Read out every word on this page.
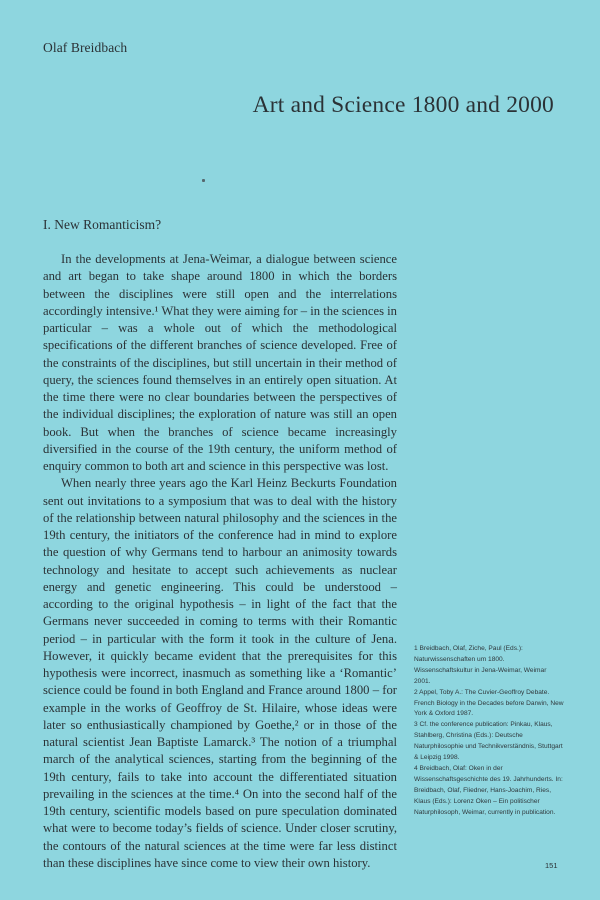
Olaf Breidbach
Art and Science 1800 and 2000
I. New Romanticism?

In the developments at Jena-Weimar, a dialogue between science and art began to take shape around 1800 in which the borders between the disciplines were still open and the interrelations accordingly intensive.¹ What they were aiming for – in the sciences in particular – was a whole out of which the methodological specifications of the different branches of science developed. Free of the constraints of the disciplines, but still uncertain in their method of query, the sciences found themselves in an entirely open situation. At the time there were no clear boundaries between the perspectives of the individual disciplines; the exploration of nature was still an open book. But when the branches of science became increasingly diversified in the course of the 19th century, the uniform method of enquiry common to both art and science in this perspective was lost.

When nearly three years ago the Karl Heinz Beckurts Foundation sent out invitations to a symposium that was to deal with the history of the relationship between natural philosophy and the sciences in the 19th century, the initiators of the conference had in mind to explore the question of why Germans tend to harbour an animosity towards technology and hesitate to accept such achievements as nuclear energy and genetic engineering. This could be understood – according to the original hypothesis – in light of the fact that the Germans never succeeded in coming to terms with their Romantic period – in particular with the form it took in the culture of Jena. However, it quickly became evident that the prerequisites for this hypothesis were incorrect, inasmuch as something like a ‘Romantic’ science could be found in both England and France around 1800 – for example in the works of Geoffroy de St. Hilaire, whose ideas were later so enthusiastically championed by Goethe,² or in those of the natural scientist Jean Baptiste Lamarck.³ The notion of a triumphal march of the analytical sciences, starting from the beginning of the 19th century, fails to take into account the differentiated situation prevailing in the sciences at the time.⁴ On into the second half of the 19th century, scientific models based on pure speculation dominated what were to become today’s fields of science. Under closer scrutiny, the contours of the natural sciences at the time were far less distinct than these disciplines have since come to view their own history.

1 Breidbach, Olaf, Ziche, Paul (Eds.): Naturwissenschaften um 1800. Wissenschaftskultur in Jena-Weimar, Weimar 2001.

2 Appel, Toby A.: The Cuvier-Geoffroy Debate. French Biology in the Decades before Darwin, New York & Oxford 1987.

3 Cf. the conference publication: Pinkau, Klaus, Stahlberg, Christina (Eds.): Deutsche Naturphilosophie und Technikverständnis, Stuttgart & Leipzig 1998.

4 Breidbach, Olaf: Oken in der Wissenschaftsgeschichte des 19. Jahrhunderts. In: Breidbach, Olaf, Fliedner, Hans-Joachim, Ries, Klaus (Eds.): Lorenz Oken – Ein politischer Naturphilosoph, Weimar, currently in publication.

151
